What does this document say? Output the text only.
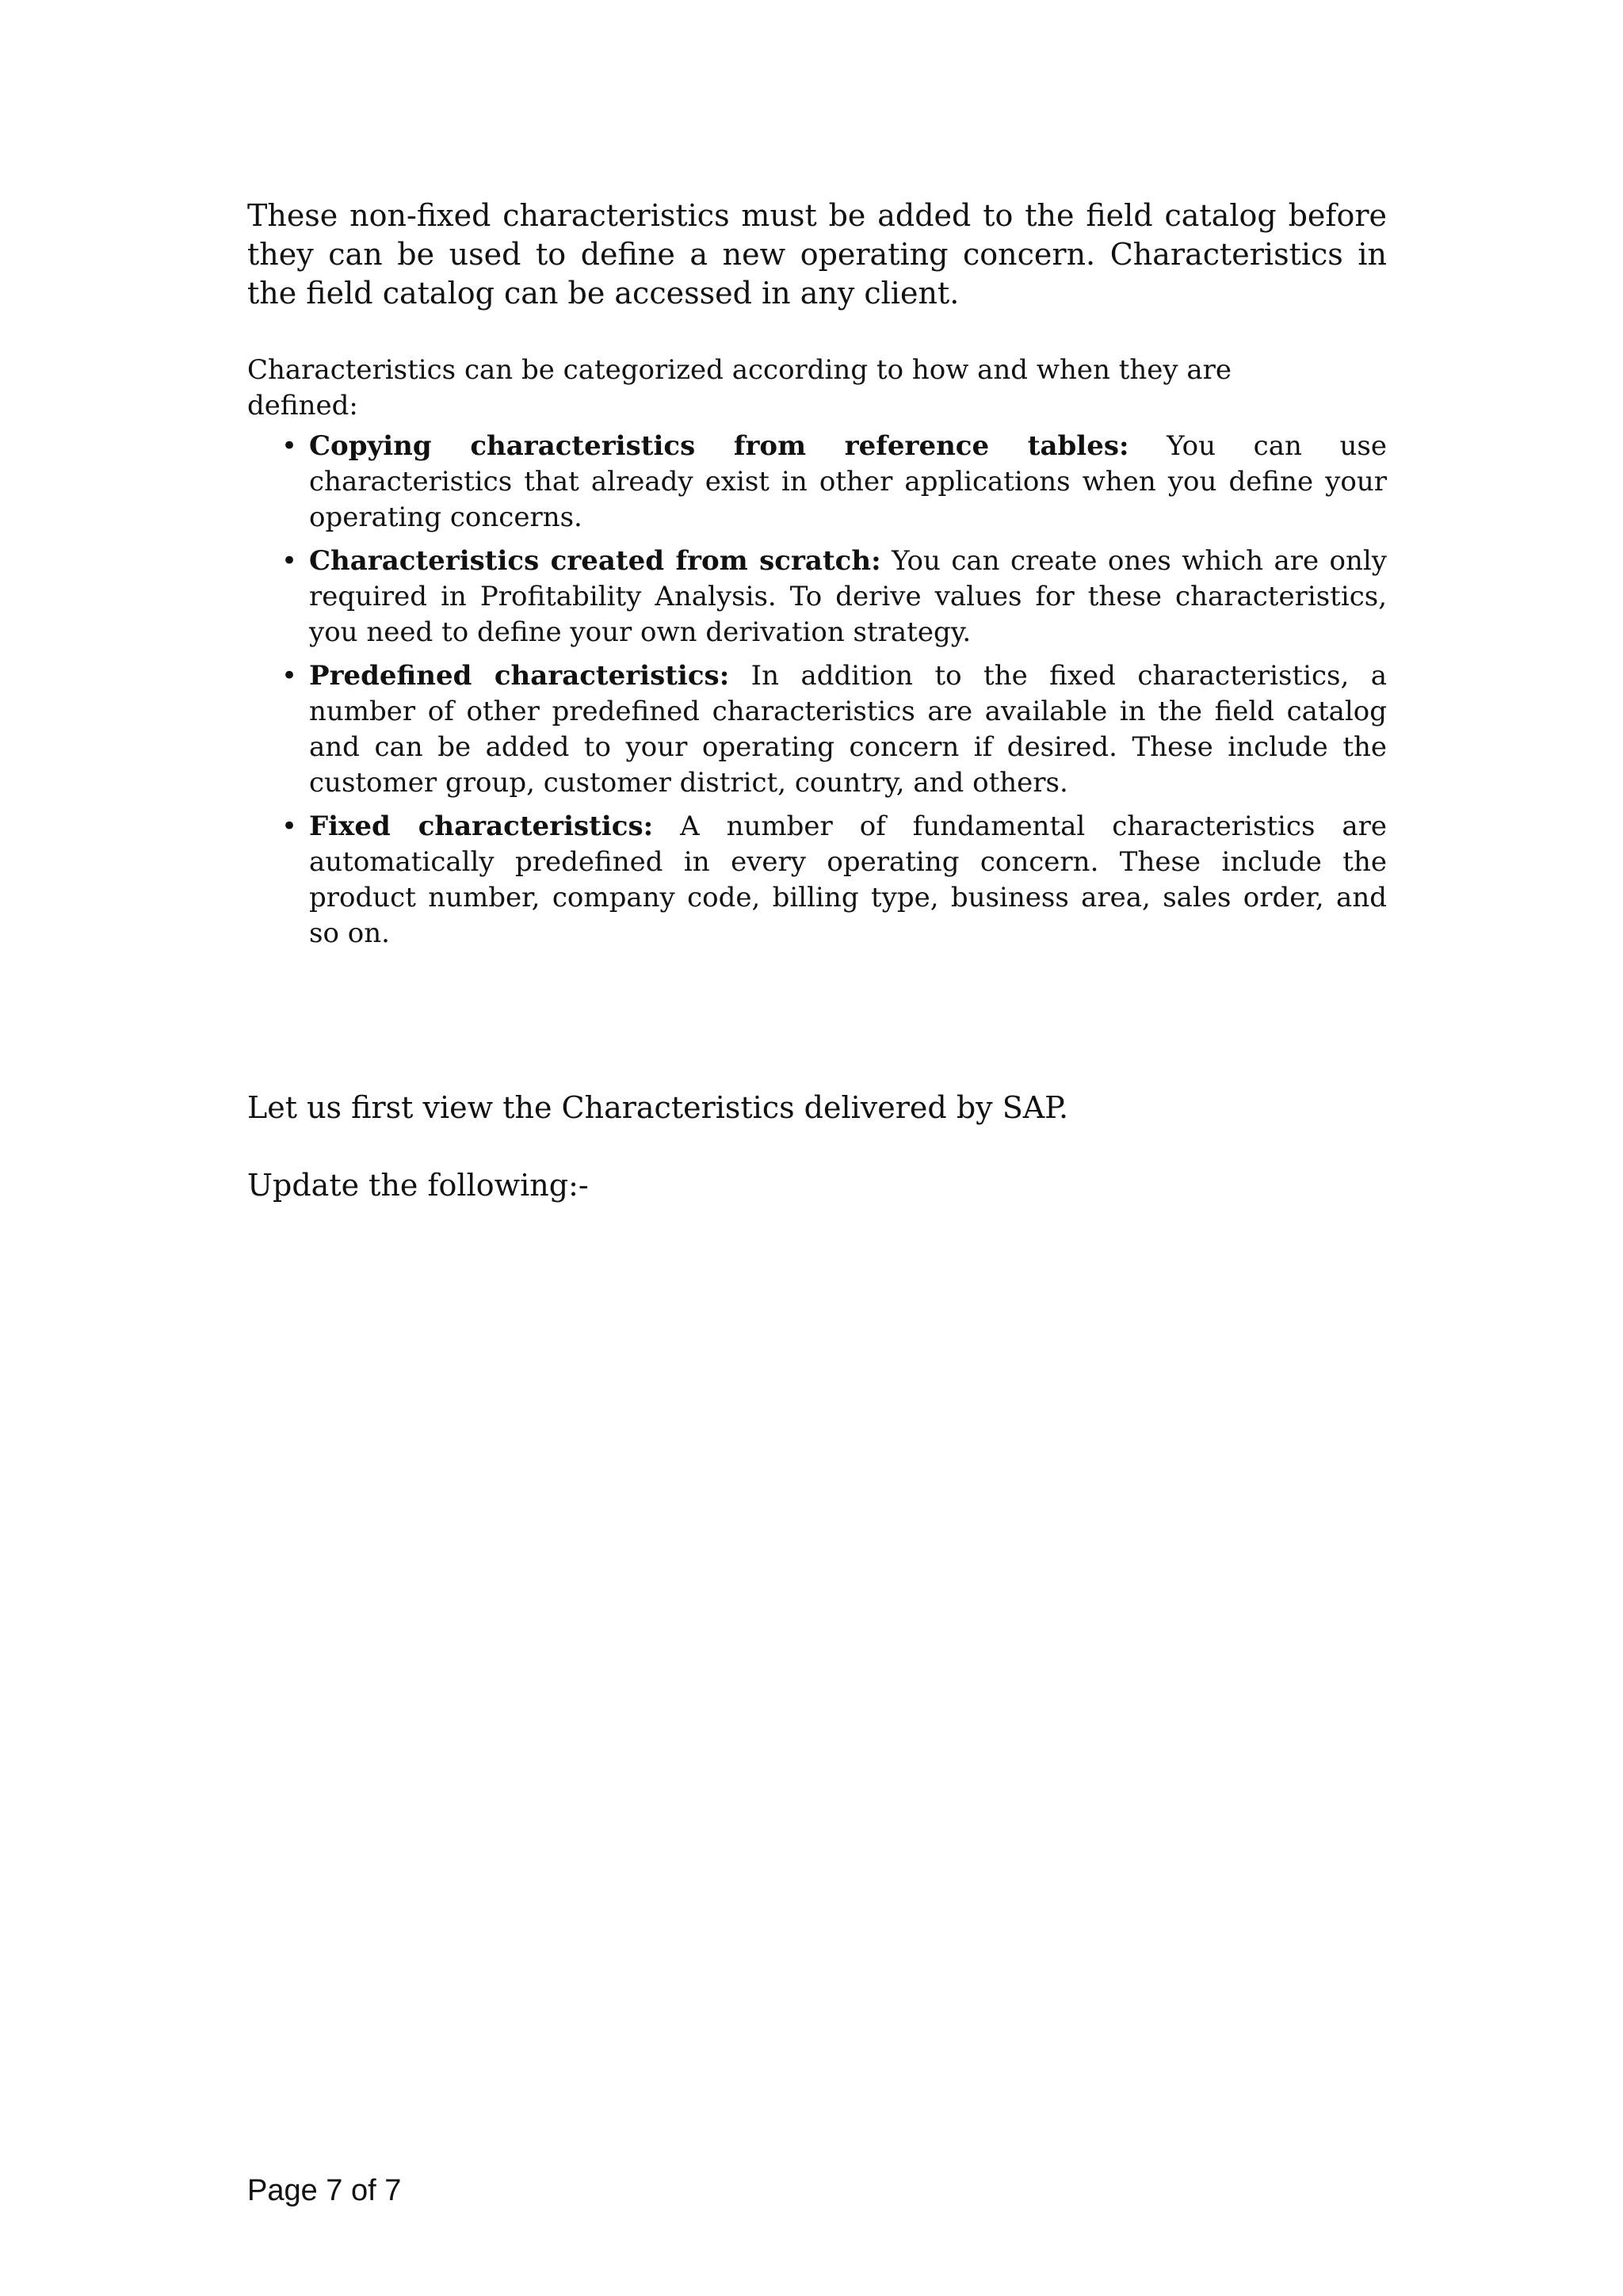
These non-fixed characteristics must be added to the field catalog before they can be used to define a new operating concern. Characteristics in the field catalog can be accessed in any client.

Characteristics can be categorized according to how and when they are defined:

• Copying characteristics from reference tables: You can use characteristics that already exist in other applications when you define your operating concerns.
• Characteristics created from scratch: You can create ones which are only required in Profitability Analysis. To derive values for these characteristics, you need to define your own derivation strategy.
• Predefined characteristics: In addition to the fixed characteristics, a number of other predefined characteristics are available in the field catalog and can be added to your operating concern if desired. These include the customer group, customer district, country, and others.
• Fixed characteristics: A number of fundamental characteristics are automatically predefined in every operating concern. These include the product number, company code, billing type, business area, sales order, and so on.

Let us first view the Characteristics delivered by SAP.

Update the following:-

Page 7 of 7
